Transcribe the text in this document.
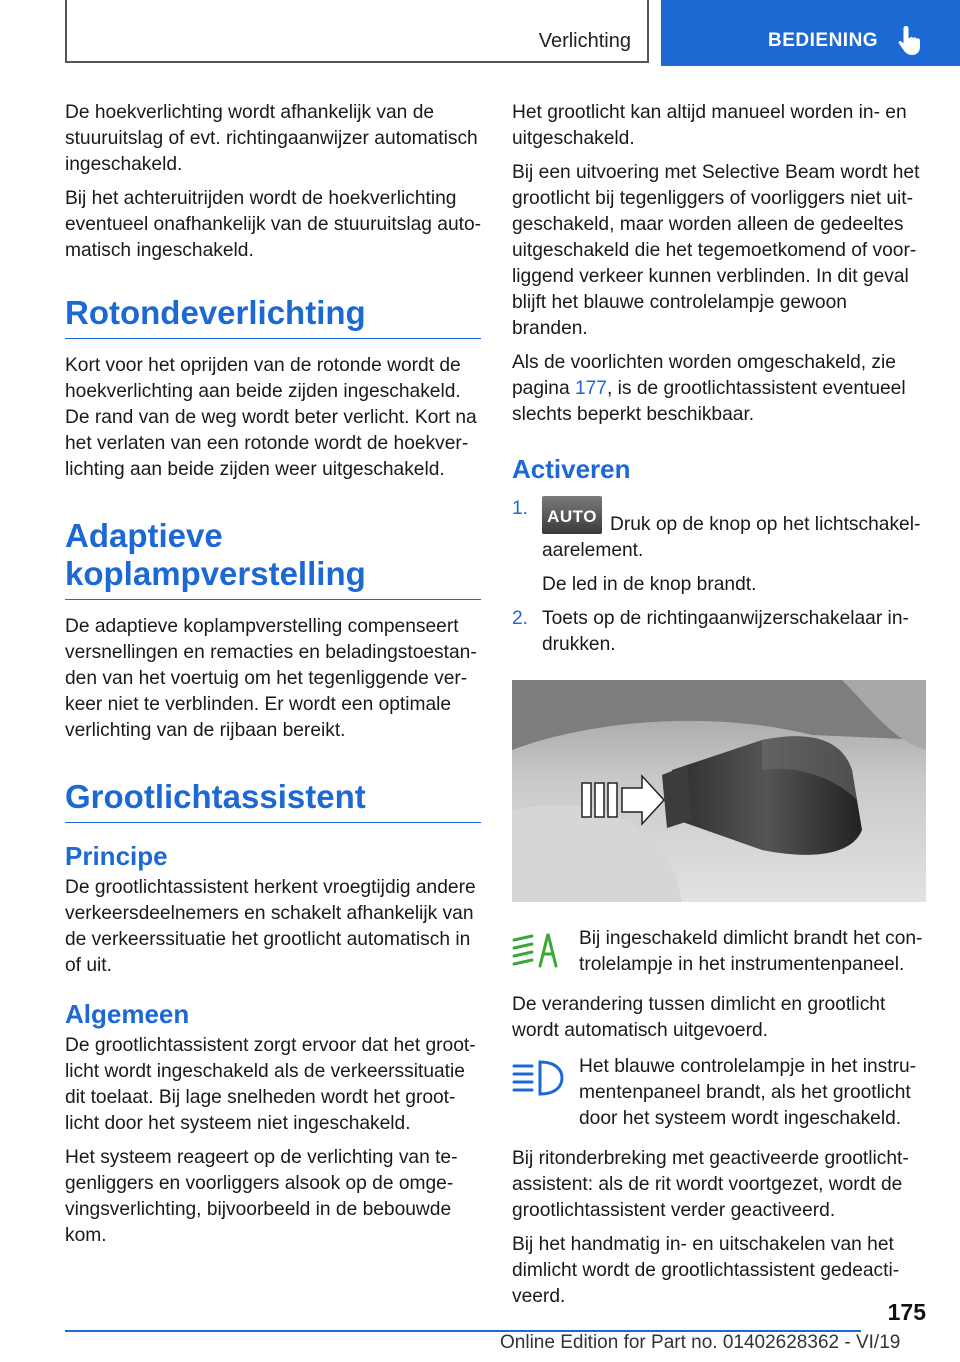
Verlichting	BEDIENING

De hoekverlichting wordt afhankelijk van de stuuruitslag of evt. richtingaanwijzer automatisch ingeschakeld.

Bij het achteruitrijden wordt de hoekverlichting eventueel onafhankelijk van de stuuruitslag automatisch ingeschakeld.

Rotondeverlichting

Kort voor het oprijden van de rotonde wordt de hoekverlichting aan beide zijden ingeschakeld. De rand van de weg wordt beter verlicht. Kort na het verlaten van een rotonde wordt de hoekverlichting aan beide zijden weer uitgeschakeld.

Adaptieve koplampverstelling

De adaptieve koplampverstelling compenseert versnellingen en remacties en beladingstoestanden van het voertuig om het tegenliggende verkeer niet te verblinden. Er wordt een optimale verlichting van de rijbaan bereikt.

Grootlichtassistent
Principe

De grootlichtassistent herkent vroegtijdig andere verkeersdeelnemers en schakelt afhankelijk van de verkeerssituatie het grootlicht automatisch in of uit.

Algemeen

De grootlichtassistent zorgt ervoor dat het grootlicht wordt ingeschakeld als de verkeerssituatie dit toelaat. Bij lage snelheden wordt het grootlicht door het systeem niet ingeschakeld.

Het systeem reageert op de verlichting van tegenliggers en voorliggers alsook op de omgevingsverlichting, bijvoorbeeld in de bebouwde kom.

Het grootlicht kan altijd manueel worden in- en uitgeschakeld.

Bij een uitvoering met Selective Beam wordt het grootlicht bij tegenliggers of voorliggers niet uitgeschakeld, maar worden alleen de gedeeltes uitgeschakeld die het tegemoetkomend of voorliggend verkeer kunnen verblinden. In dit geval blijft het blauwe controlelampje gewoon branden.

Als de voorlichten worden omgeschakeld, zie pagina 177, is de grootlichtassistent eventueel slechts beperkt beschikbaar.

Activeren
1. AUTO Druk op de knop op het lichtschakelaarelement.
De led in de knop brandt.
2. Toets op de richtingaanwijzerschakelaar indrukken.

Bij ingeschakeld dimlicht brandt het controlelampje in het instrumentenpaneel.

De verandering tussen dimlicht en grootlicht wordt automatisch uitgevoerd.

Het blauwe controlelampje in het instrumentenpaneel brandt, als het grootlicht door het systeem wordt ingeschakeld.

Bij ritonderbreking met geactiveerde grootlichtassistent: als de rit wordt voortgezet, wordt de grootlichtassistent verder geactiveerd.

Bij het handmatig in- en uitschakelen van het dimlicht wordt de grootlichtassistent gedeactiveerd.

175
Online Edition for Part no. 01402628362 - VI/19
